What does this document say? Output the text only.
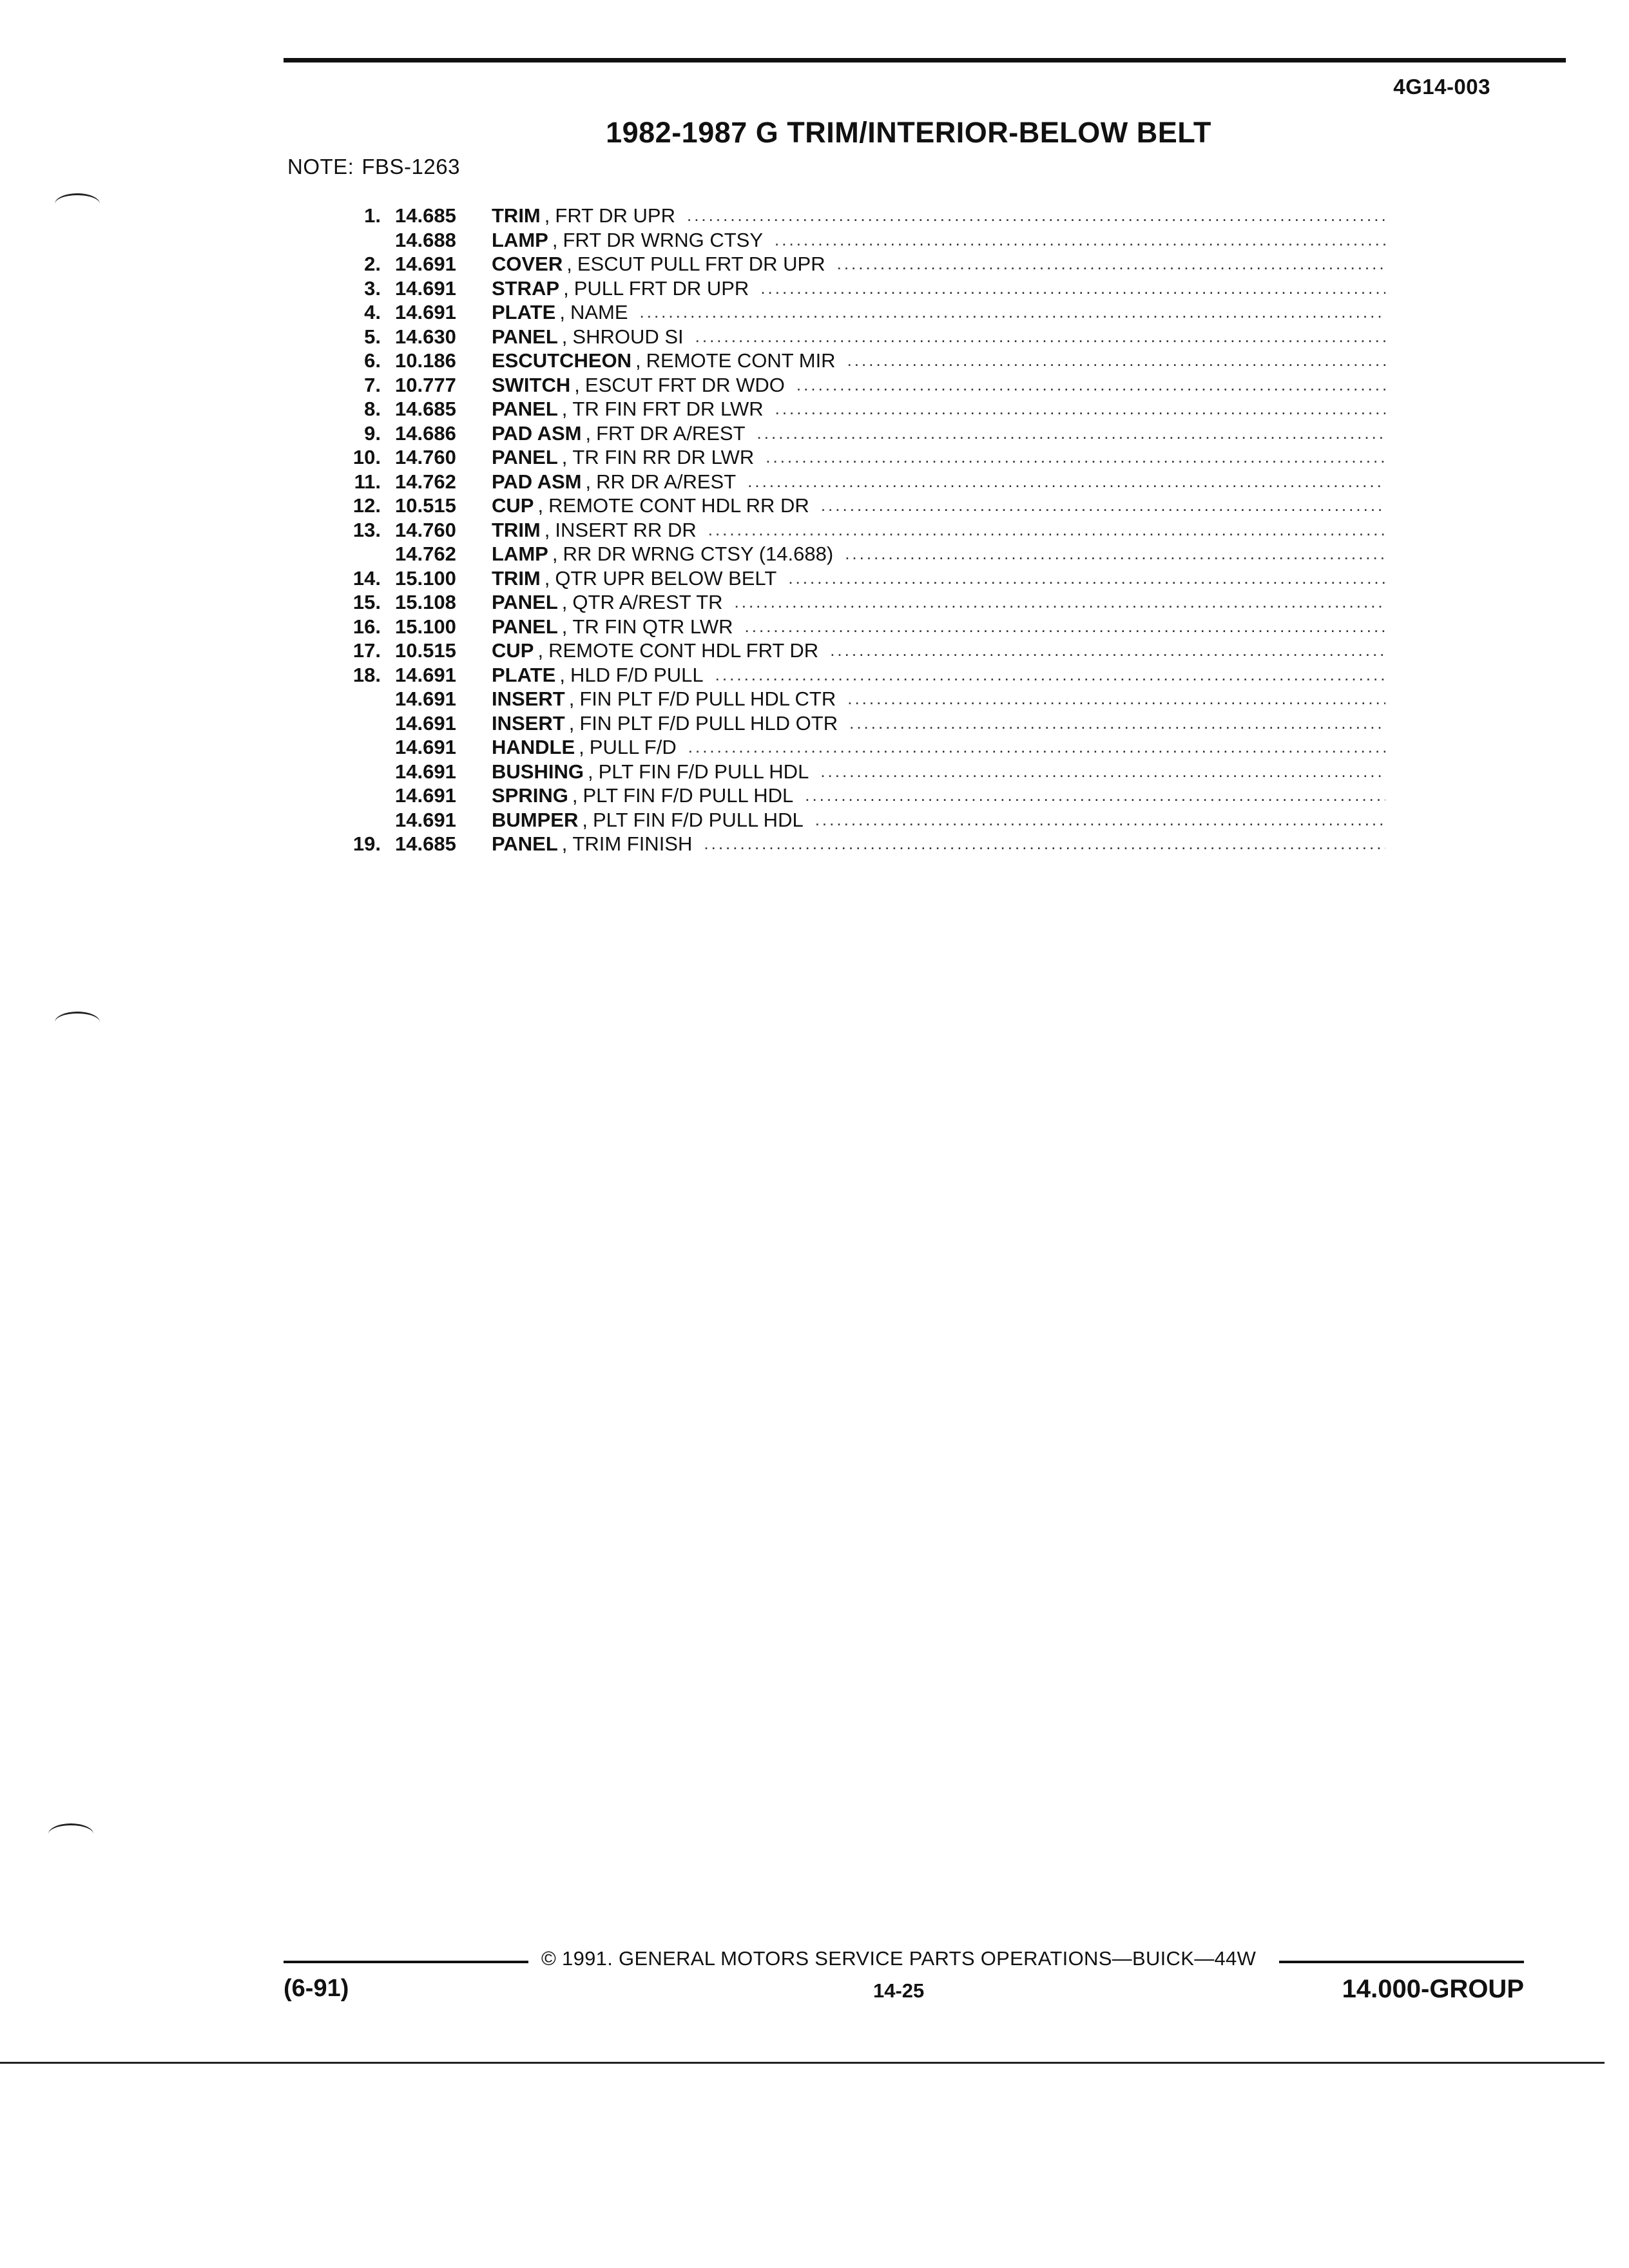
4G14-003
1982-1987 G TRIM/INTERIOR-BELOW BELT
NOTE: FBS-1263
1. 14.685	TRIM , FRT DR UPR
.....
14.688	LAMP , FRT DR WRNG CTSY
.....
2. 14.691	COVER , ESCUT PULL FRT DR UPR
.....
3. 14.691	STRAP , PULL FRT DR UPR
.....
4. 14.691	PLATE , NAME
.....
5. 14.630	PANEL , SHROUD SI
.....
6. 10.186	ESCUTCHEON , REMOTE CONT MIR
.....
7. 10.777	SWITCH , ESCUT FRT DR WDO
.....
8. 14.685	PANEL , TR FIN FRT DR LWR
.....
9. 14.686	PAD ASM , FRT DR A/REST
.....
10. 14.760	PANEL , TR FIN RR DR LWR
.....
11. 14.762	PAD ASM , RR DR A/REST
.....
12. 10.515	CUP , REMOTE CONT HDL RR DR
.....
13. 14.760	TRIM , INSERT RR DR
.....
14.762	LAMP , RR DR WRNG CTSY (14.688)
.....
14. 15.100	TRIM , QTR UPR BELOW BELT
.....
15. 15.108	PANEL , QTR A/REST TR
.....
16. 15.100	PANEL , TR FIN QTR LWR
.....
17. 10.515	CUP , REMOTE CONT HDL FRT DR
.....
18. 14.691	PLATE , HLD F/D PULL
.....
14.691	INSERT , FIN PLT F/D PULL HDL CTR
.....
14.691	INSERT , FIN PLT F/D PULL HLD OTR
.....
14.691	HANDLE , PULL F/D
.....
14.691	BUSHING , PLT FIN F/D PULL HDL
.....
14.691	SPRING , PLT FIN F/D PULL HDL
.....
14.691	BUMPER , PLT FIN F/D PULL HDL
.....
19. 14.685	PANEL , TRIM FINISH
.....
© 1991. GENERAL MOTORS SERVICE PARTS OPERATIONS—BUICK—44W
(6-91)	14-25	14.000-GROUP
